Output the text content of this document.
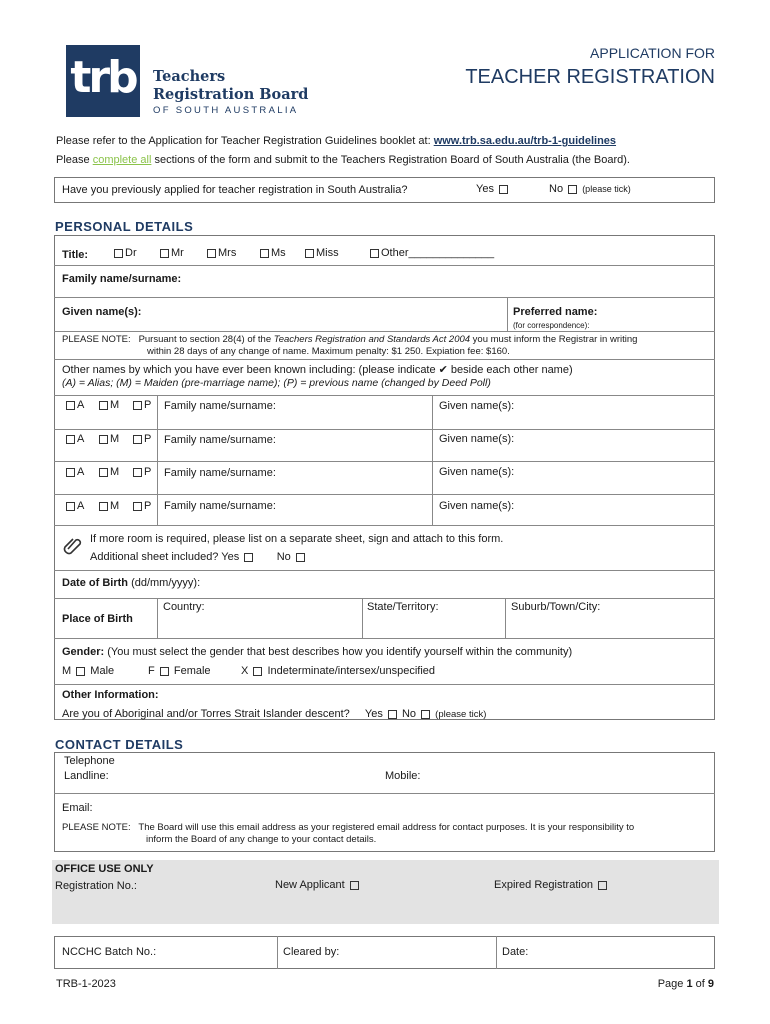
trb	Teachers
Registration Board
OF SOUTH AUSTRALIA
APPLICATION FOR
TEACHER REGISTRATION
Please refer to the Application for Teacher Registration Guidelines booklet at: www.trb.sa.edu.au/trb-1-guidelines
Please complete all sections of the form and submit to the Teachers Registration Board of South Australia (the Board).
Have you previously applied for teacher registration in South Australia?	Yes	No (please tick)
PERSONAL DETAILS
Title:	Dr	Mr	Mrs	Ms	Miss	Other______________
Family name/surname:
Given name(s):	Preferred name:
(for correspondence):
PLEASE NOTE: Pursuant to section 28(4) of the Teachers Registration and Standards Act 2004 you must inform the Registrar in writing
within 28 days of any change of name. Maximum penalty: $1 250. Expiation fee: $160.
Other names by which you have ever been known including: (please indicate ✔ beside each other name)
(A) = Alias; (M) = Maiden (pre-marriage name); (P) = previous name (changed by Deed Poll)
A	M	P Family name/surname:	Given name(s):
A	M	P Family name/surname:	Given name(s):
A	M	P Family name/surname:	Given name(s):
A	M	P Family name/surname:	Given name(s):
If more room is required, please list on a separate sheet, sign and attach to this form.
Additional sheet included? Yes	No
Date of Birth (dd/mm/yyyy):
Place of Birth
Country:	State/Territory:	Suburb/Town/City:
Gender: (You must select the gender that best describes how you identify yourself within the community)
M Male	F Female	X Indeterminate/intersex/unspecified
Other Information:
Are you of Aboriginal and/or Torres Strait Islander descent? Yes No (please tick)
CONTACT DETAILS
Telephone
Landline:	Mobile:
Email:
PLEASE NOTE: The Board will use this email address as your registered email address for contact purposes. It is your responsibility to
inform the Board of any change to your contact details.
OFFICE USE ONLY
Registration No.:	New Applicant	Expired Registration
NCCHC Batch No.:	Cleared by:	Date:
TRB-1-2023	Page 1 of 9
